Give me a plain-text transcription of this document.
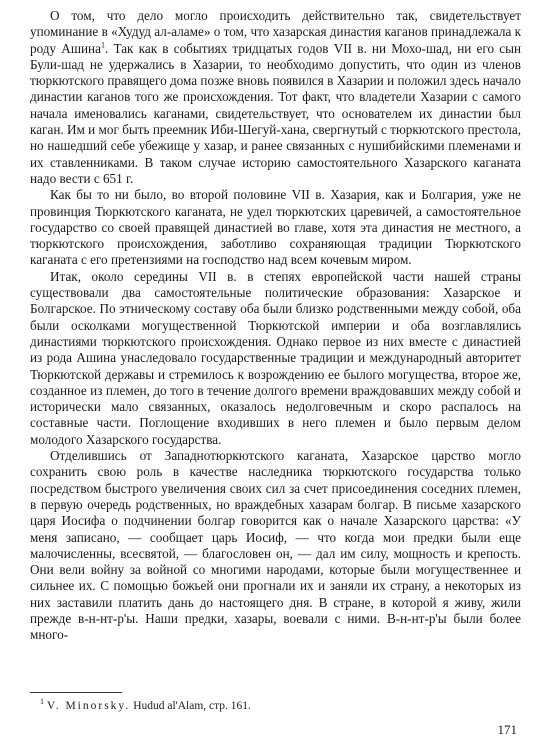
О том, что дело могло происходить действительно так, свидетельствует упоминание в «Худуд ал-аламе» о том, что хазарская династия каганов принадлежала к роду Ашина$^1$. Так как в событиях тридцатых годов VII в. ни Мохо-шад, ни его сын Були-шад не удержались в Хазарии, то необходимо допустить, что один из членов тюркютского правящего дома позже вновь появился в Хазарии и положил здесь начало династии каганов того же происхождения. Тот факт, что владетели Хазарии с самого начала именовались каганами, свидетельствует, что основателем их династии был каган. Им и мог быть преемник Иби-Шегуй-хана, свергнутый с тюркютского престола, но нашедший себе убежище у хазар, и ранее связанных с нушибийскими племенами и их ставленниками. В таком случае историю самостоятельного Хазарского каганата надо вести с 651 г.

Как бы то ни было, во второй половине VII в. Хазария, как и Болгария, уже не провинция Тюркютского каганата, не удел тюркютских царевичей, а самостоятельное государство со своей правящей династией во главе, хотя эта династия не местного, а тюркютского происхождения, заботливо сохраняющая традиции Тюркютского каганата с его претензиями на господство над всем кочевым миром.

Итак, около середины VII в. в степях европейской части нашей страны существовали два самостоятельные политические образования: Хазарское и Болгарское. По этническому составу оба были близко родственными между собой, оба были осколками могущественной Тюркютской империи и оба возглавлялись династиями тюркютского происхождения. Однако первое из них вместе с династией из рода Ашина унаследовало государственные традиции и международный авторитет Тюркютской державы и стремилось к возрождению ее былого могущества, второе же, созданное из племен, до того в течение долгого времени враждовавших между собой и исторически мало связанных, оказалось недолговечным и скоро распалось на составные части. Поглощение входивших в него племен и было первым делом молодого Хазарского государства.

Отделившись от Западнотюркютского каганата, Хазарское царство могло сохранить свою роль в качестве наследника тюркютского государства только посредством быстрого увеличения своих сил за счет присоединения соседних племен, в первую очередь родственных, но враждебных хазарам болгар. В письме хазарского царя Иосифа о подчинении болгар говорится как о начале Хазарского царства: «У меня записано, — сообщает царь Иосиф, — что когда мои предки были еще малочисленны, всесвятой, — благословен он, — дал им силу, мощность и крепость. Они вели войну за войной со многими народами, которые были могущественнее и сильнее их. С помощью божьей они прогнали их и заняли их страну, а некоторых из них заставили платить дань до настоящего дня. В стране, в которой я живу, жили прежде в-н-нт-р'ы. Наши предки, хазары, воевали с ними. В-н-нт-р'ы были более много-

$^1$ V. Minorsky. Hudud al'Alam, стр. 161.
171
